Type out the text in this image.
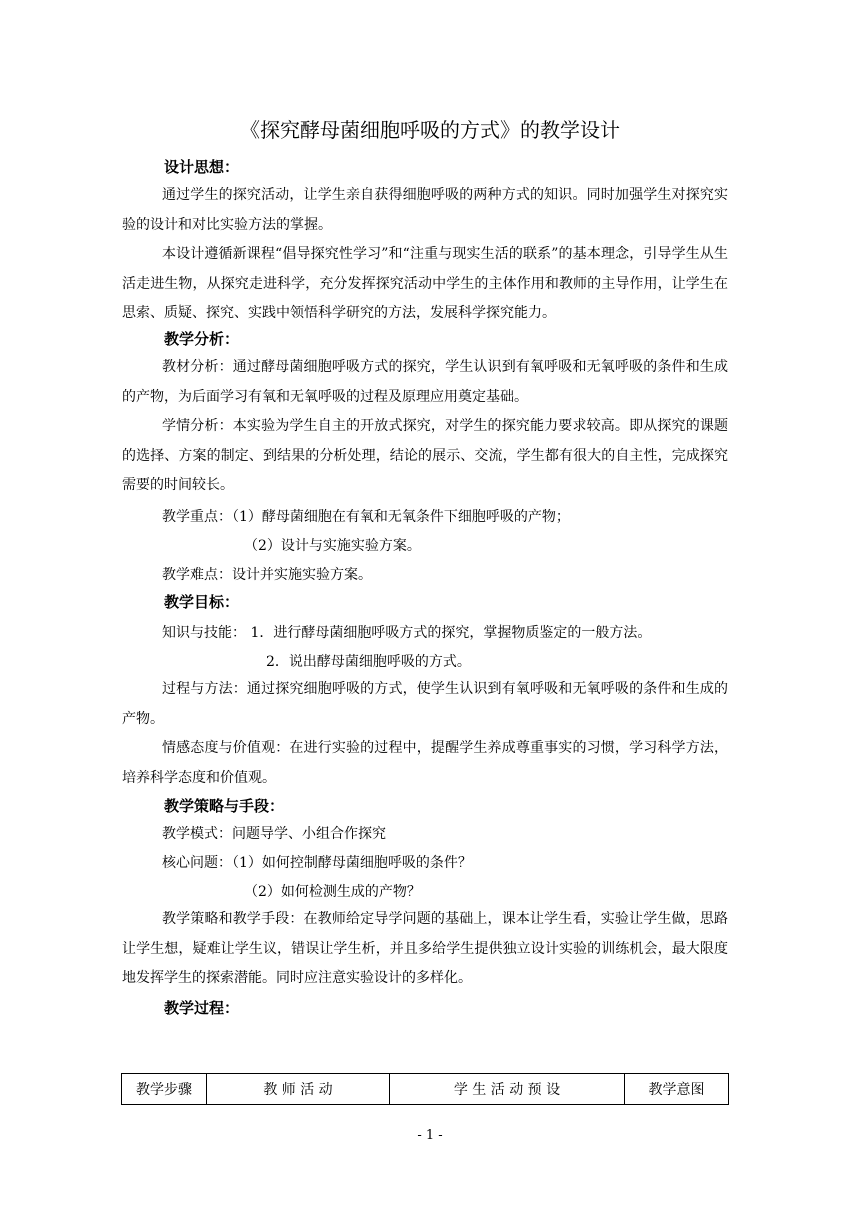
《探究酵母菌细胞呼吸的方式》的教学设计
设计思想：
通过学生的探究活动，让学生亲自获得细胞呼吸的两种方式的知识。同时加强学生对探究实验的设计和对比实验方法的掌握。
本设计遵循新课程“倡导探究性学习”和“注重与现实生活的联系”的基本理念，引导学生从生活走进生物，从探究走进科学，充分发挥探究活动中学生的主体作用和教师的主导作用，让学生在思索、质疑、探究、实践中领悟科学研究的方法，发展科学探究能力。
教学分析：
教材分析：通过酵母菌细胞呼吸方式的探究，学生认识到有氧呼吸和无氧呼吸的条件和生成的产物，为后面学习有氧和无氧呼吸的过程及原理应用奠定基础。
学情分析：本实验为学生自主的开放式探究，对学生的探究能力要求较高。即从探究的课题的选择、方案的制定、到结果的分析处理，结论的展示、交流，学生都有很大的自主性，完成探究需要的时间较长。
教学重点：（1）酵母菌细胞在有氧和无氧条件下细胞呼吸的产物；
（2）设计与实施实验方案。
教学难点：设计并实施实验方案。
教学目标：
知识与技能： 1．进行酵母菌细胞呼吸方式的探究，掌握物质鉴定的一般方法。
2．说出酵母菌细胞呼吸的方式。
过程与方法：通过探究细胞呼吸的方式，使学生认识到有氧呼吸和无氧呼吸的条件和生成的产物。
情感态度与价值观：在进行实验的过程中，提醒学生养成尊重事实的习惯，学习科学方法，培养科学态度和价值观。
教学策略与手段：
教学模式：问题导学、小组合作探究
核心问题：（1）如何控制酵母菌细胞呼吸的条件？
（2）如何检测生成的产物？
教学策略和教学手段：在教师给定导学问题的基础上，课本让学生看，实验让学生做，思路让学生想，疑难让学生议，错误让学生析，并且多给学生提供独立设计实验的训练机会，最大限度地发挥学生的探索潜能。同时应注意实验设计的多样化。
教学过程：
教学步骤	教 师 活 动	学 生 活 动 预 设	教学意图
- 1 -
